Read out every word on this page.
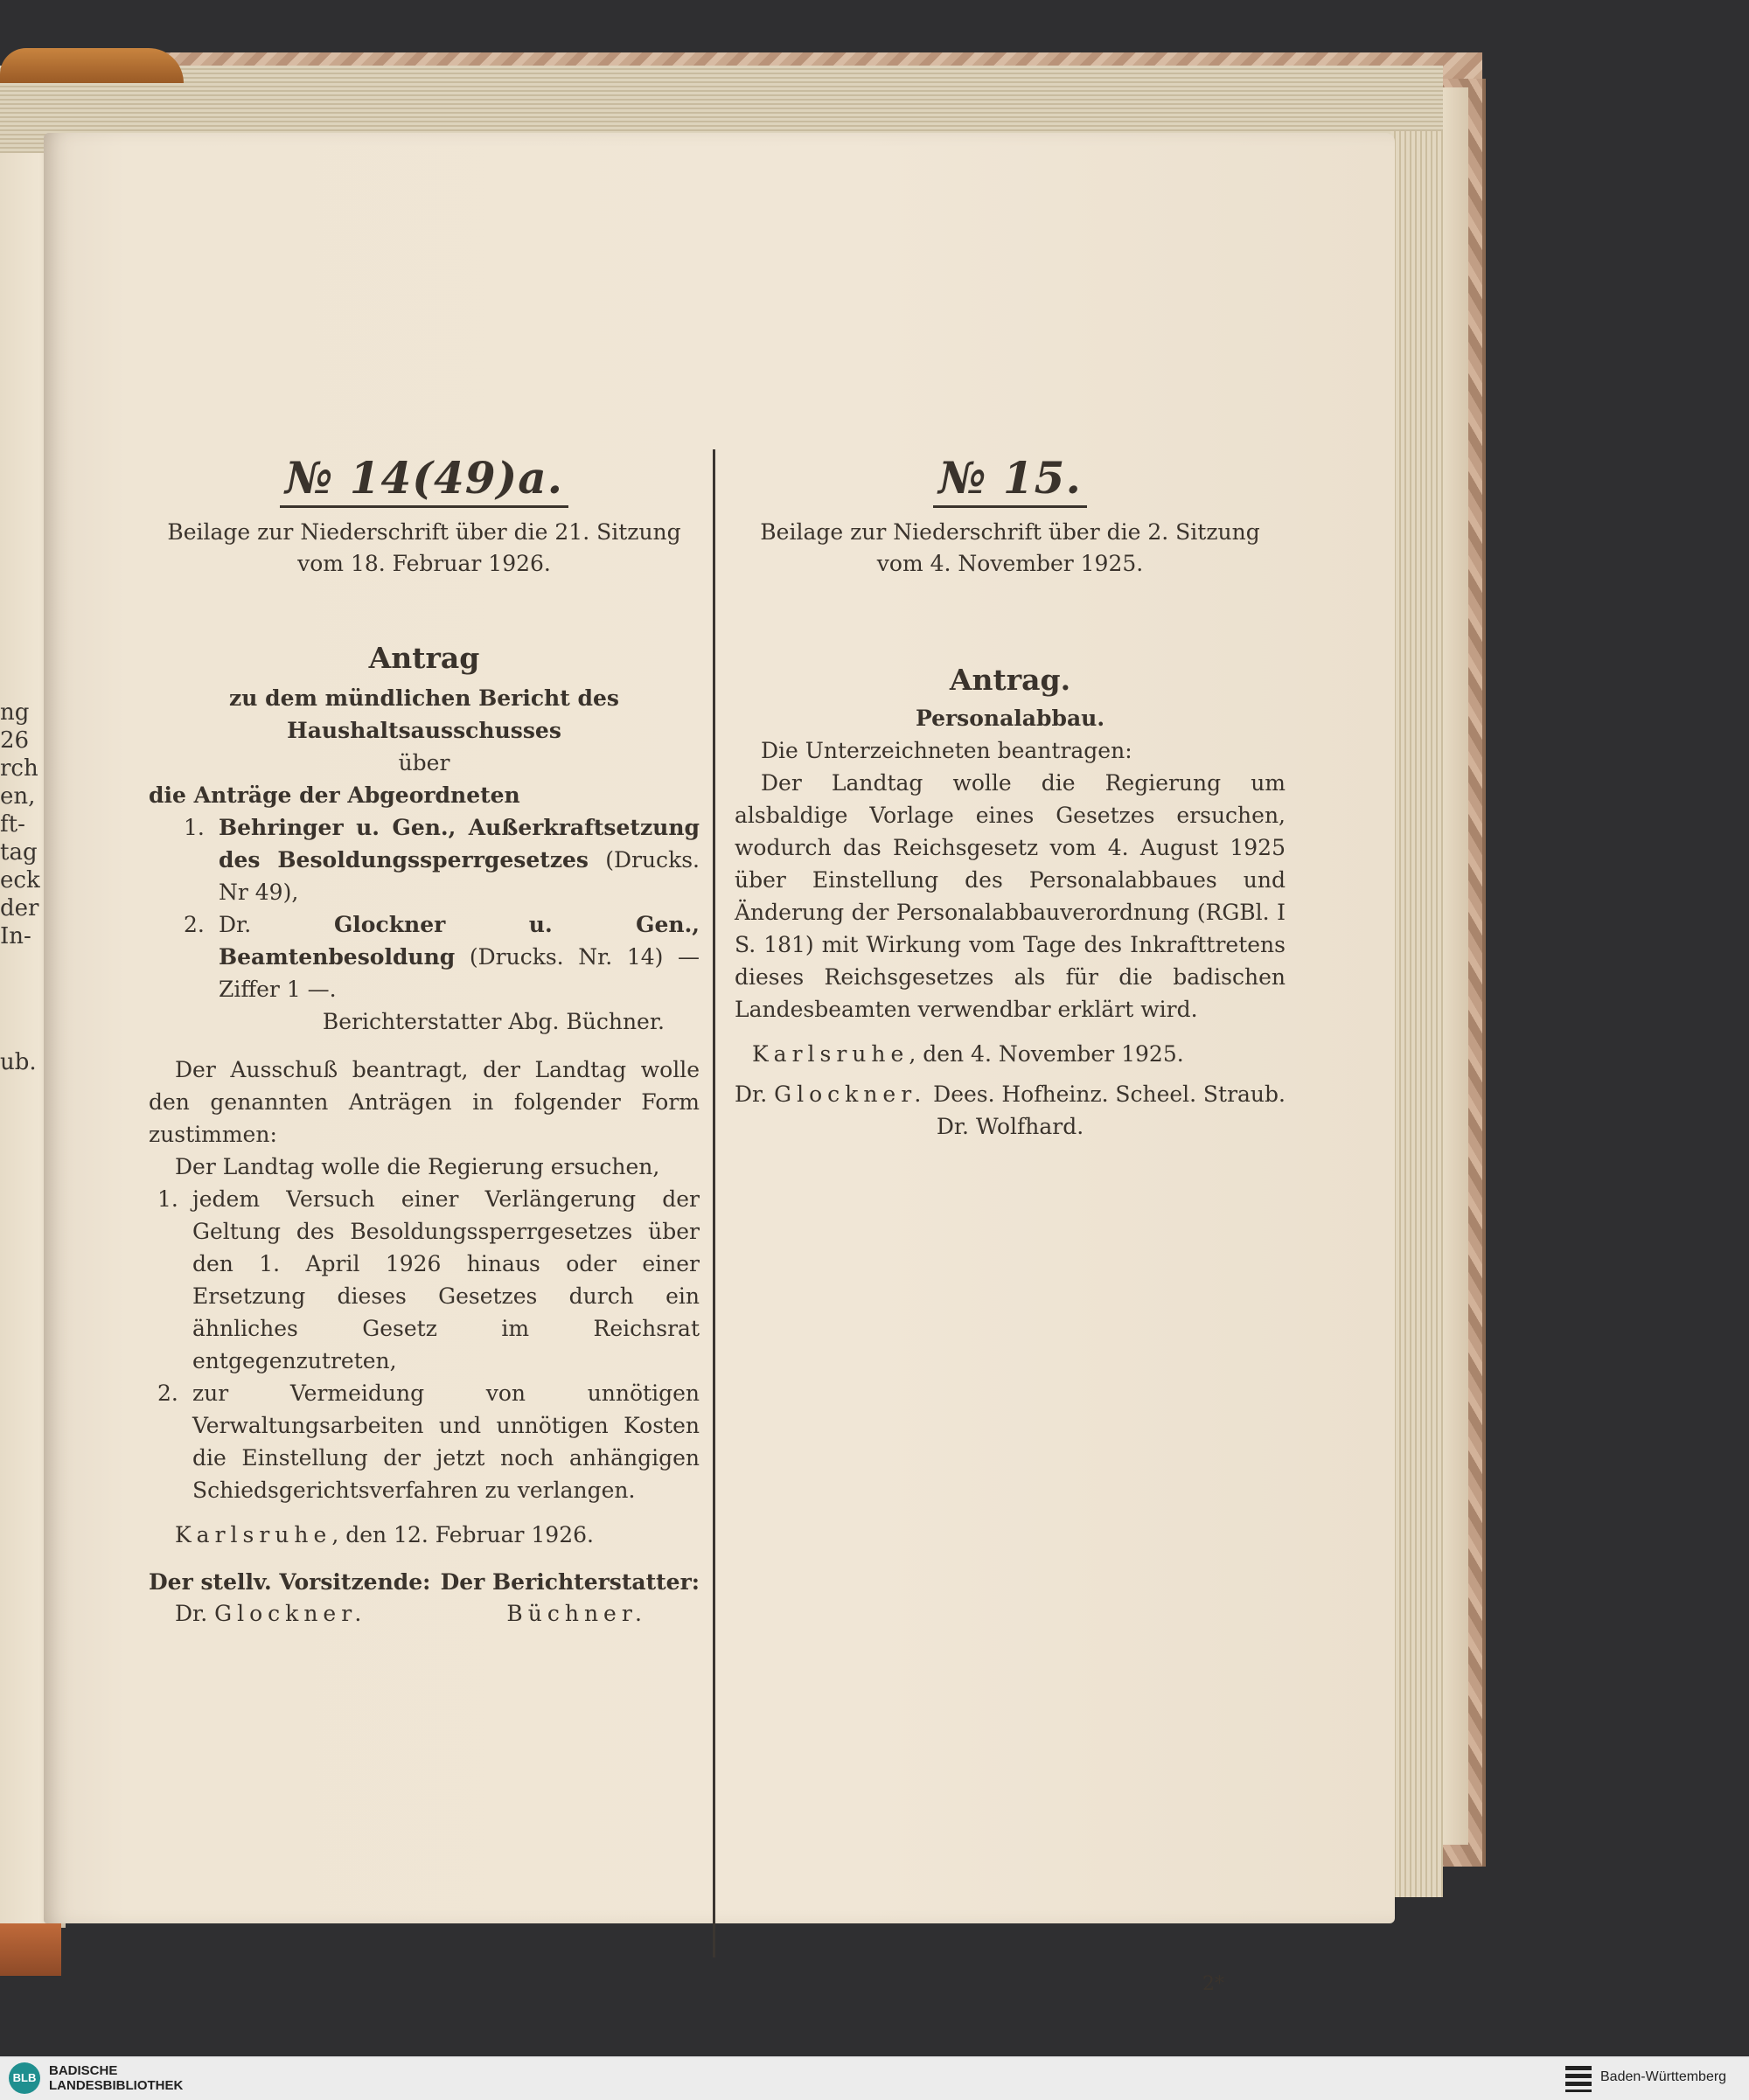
ng
26
rch
en,
ft-
tag
eck
der
In-
ub.
№ 14(49)a.
Beilage zur Niederschrift über die 21. Sitzung
vom 18. Februar 1926.
Antrag
zu dem mündlichen Bericht des Haushaltsausschusses
über
die Anträge der Abgeordneten
1. Behringer u. Gen., Außerkraftsetzung des Besoldungssperrgesetzes (Drucks. Nr 49),
2. Dr. Glockner u. Gen., Beamtenbesoldung (Drucks. Nr. 14) — Ziffer 1 —.
Berichterstatter Abg. Büchner.
Der Ausschuß beantragt, der Landtag wolle den genannten Anträgen in folgender Form zustimmen:
Der Landtag wolle die Regierung ersuchen,
1. jedem Versuch einer Verlängerung der Geltung des Besoldungssperrgesetzes über den 1. April 1926 hinaus oder einer Ersetzung dieses Gesetzes durch ein ähnliches Gesetz im Reichsrat entgegenzutreten,
2. zur Vermeidung von unnötigen Verwaltungsarbeiten und unnötigen Kosten die Einstellung der jetzt noch anhängigen Schiedsgerichtsverfahren zu verlangen.
Karlsruhe, den 12. Februar 1926.
Der stellv. Vorsitzende: Der Berichterstatter:
Dr. Glockner.	Büchner.
№ 15.
Beilage zur Niederschrift über die 2. Sitzung
vom 4. November 1925.
Antrag.
Personalabbau.
Die Unterzeichneten beantragen:
Der Landtag wolle die Regierung um alsbaldige Vorlage eines Gesetzes ersuchen, wodurch das Reichsgesetz vom 4. August 1925 über Einstellung des Personalabbaues und Änderung der Personalabbauverordnung (RGBl. I S. 181) mit Wirkung vom Tage des Inkrafttretens dieses Reichsgesetzes als für die badischen Landesbeamten verwendbar erklärt wird.
Karlsruhe, den 4. November 1925.
Dr. Glockner. Dees. Hofheinz. Scheel. Straub.
Dr. Wolfhard.
2*
BLB BADISCHE
LANDESBIBLIOTHEK
Baden-Württemberg
